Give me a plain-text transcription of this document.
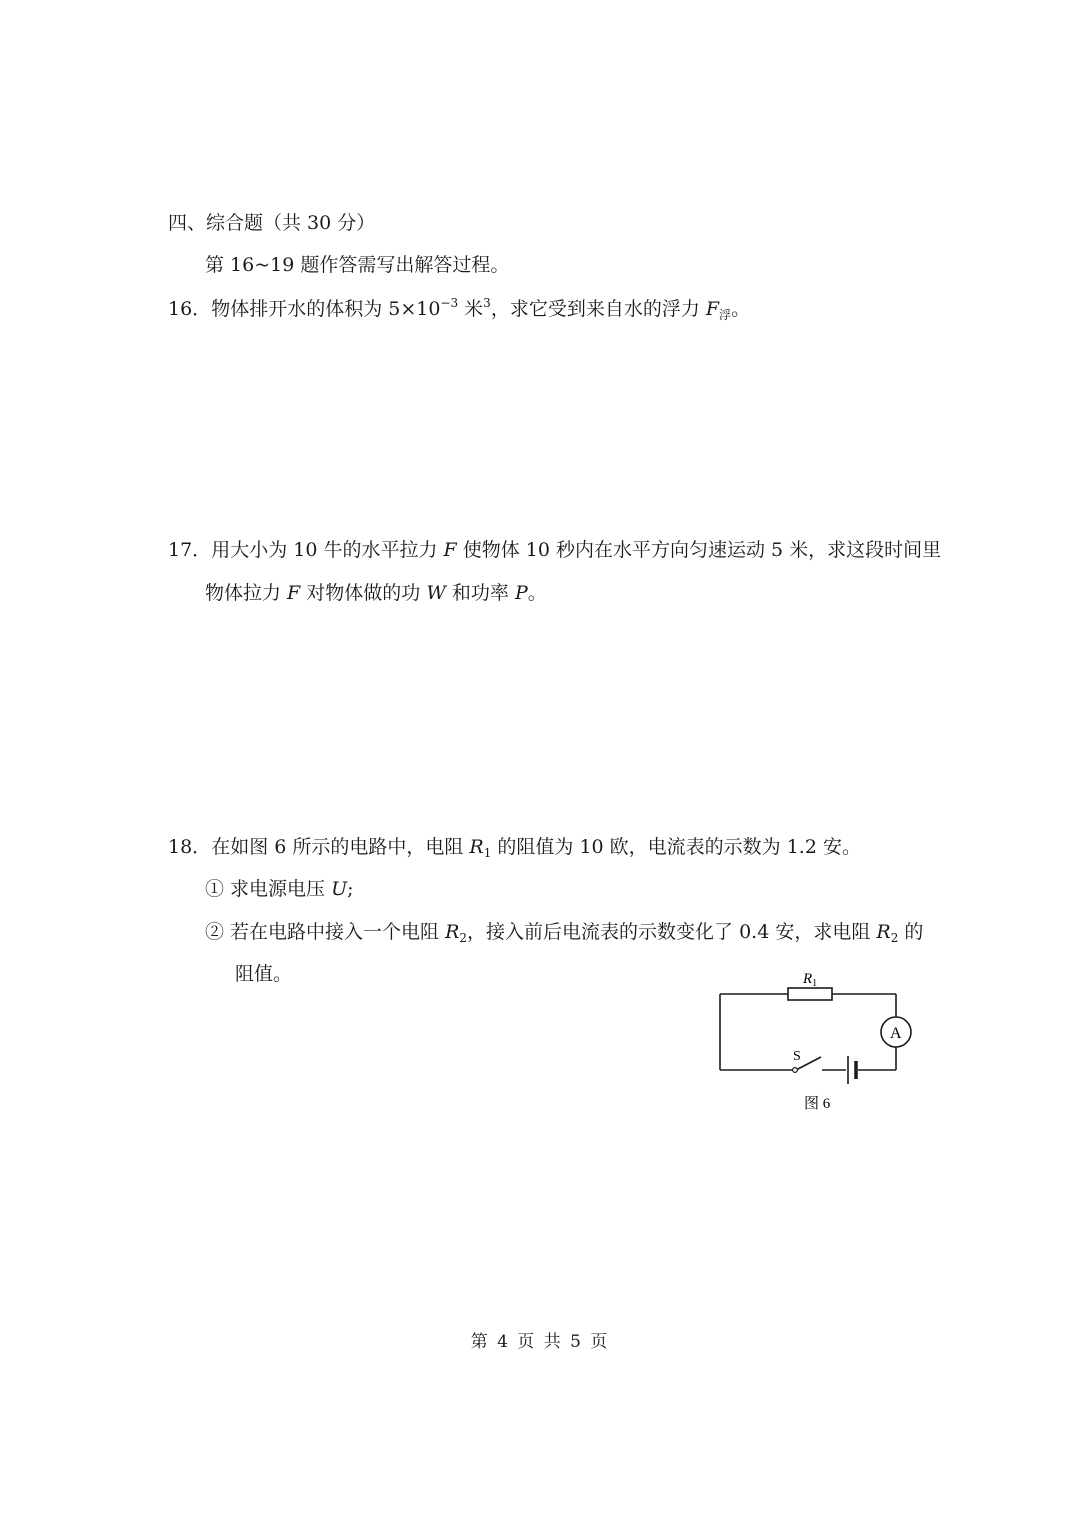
四、综合题（共 30 分）
第 16~19 题作答需写出解答过程。
16．物体排开水的体积为 $5\times 10^{-3}$ 米$^3$，求它受到来自水的浮力 $F_浮$。
17．用大小为 10 牛的水平拉力 F 使物体 10 秒内在水平方向匀速运动 5 米，求这段时间里
物体拉力 F 对物体做的功 W 和功率 P。
18．在如图 6 所示的电路中，电阻 $R_1$ 的阻值为 10 欧，电流表的示数为 1.2 安。
① 求电源电压 U;
② 若在电路中接入一个电阻 $R_2$，接入前后电流表的示数变化了 0.4 安，求电阻 $R_2$ 的
阻值。	$R_1$
A
S
图 6
第 4 页 共 5 页
